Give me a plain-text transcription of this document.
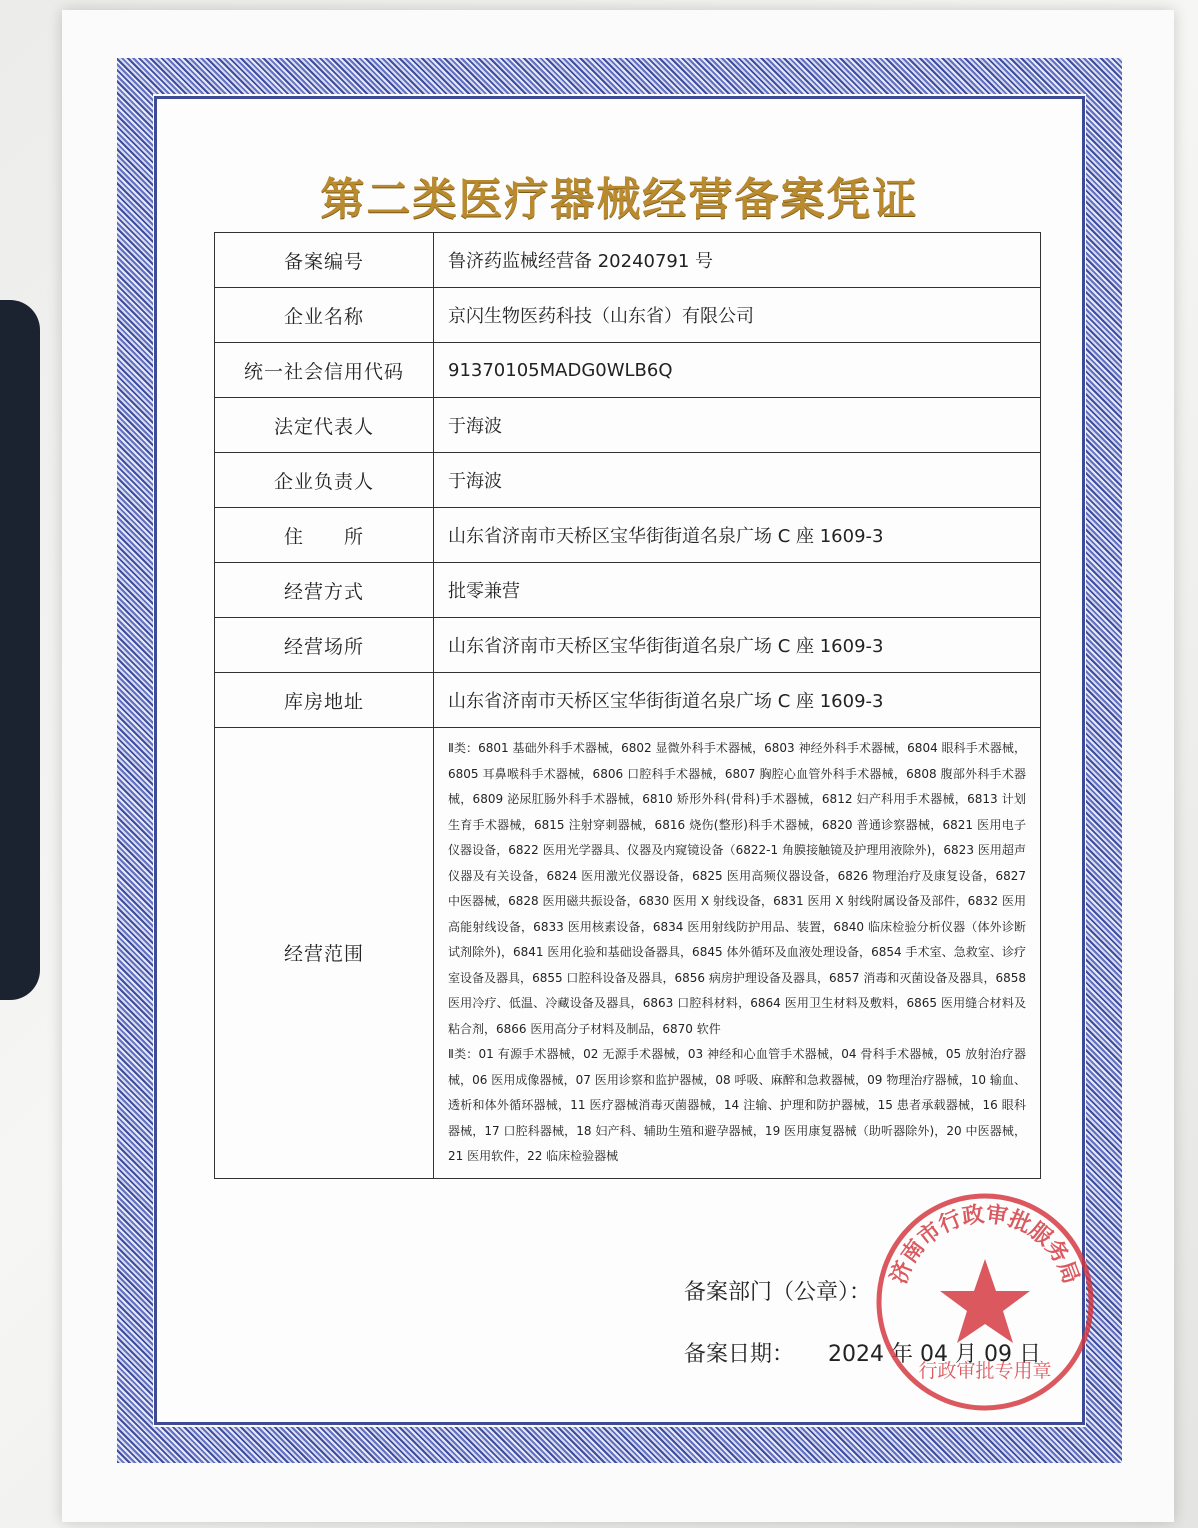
第二类医疗器械经营备案凭证
备案编号	鲁济药监械经营备 20240791 号
企业名称	京闪生物医药科技（山东省）有限公司
统一社会信用代码	91370105MADG0WLB6Q
法定代表人	于海波
企业负责人	于海波
住　　所	山东省济南市天桥区宝华街街道名泉广场 C 座 1609-3
经营方式	批零兼营
经营场所	山东省济南市天桥区宝华街街道名泉广场 C 座 1609-3
库房地址	山东省济南市天桥区宝华街街道名泉广场 C 座 1609-3
经营范围	Ⅱ类：6801 基础外科手术器械，6802 显微外科手术器械，6803 神经外科手术器械，6804 眼科手术器械，6805 耳鼻喉科手术器械，6806 口腔科手术器械，6807 胸腔心血管外科手术器械，6808 腹部外科手术器械，6809 泌尿肛肠外科手术器械，6810 矫形外科(骨科)手术器械，6812 妇产科用手术器械，6813 计划生育手术器械，6815 注射穿刺器械，6816 烧伤(整形)科手术器械，6820 普通诊察器械，6821 医用电子仪器设备，6822 医用光学器具、仪器及内窥镜设备（6822-1 角膜接触镜及护理用液除外)，6823 医用超声仪器及有关设备，6824 医用激光仪器设备，6825 医用高频仪器设备，6826 物理治疗及康复设备，6827 中医器械，6828 医用磁共振设备，6830 医用 X 射线设备，6831 医用 X 射线附属设备及部件，6832 医用高能射线设备，6833 医用核素设备，6834 医用射线防护用品、装置，6840 临床检验分析仪器（体外诊断试剂除外)，6841 医用化验和基础设备器具，6845 体外循环及血液处理设备，6854 手术室、急救室、诊疗室设备及器具，6855 口腔科设备及器具，6856 病房护理设备及器具，6857 消毒和灭菌设备及器具，6858 医用冷疗、低温、冷藏设备及器具，6863 口腔科材料，6864 医用卫生材料及敷料，6865 医用缝合材料及粘合剂，6866 医用高分子材料及制品，6870 软件

Ⅱ类：01 有源手术器械，02 无源手术器械，03 神经和心血管手术器械，04 骨科手术器械，05 放射治疗器械，06 医用成像器械，07 医用诊察和监护器械，08 呼吸、麻醉和急救器械，09 物理治疗器械，10 输血、透析和体外循环器械，11 医疗器械消毒灭菌器械，14 注输、护理和防护器械，15 患者承载器械，16 眼科器械，17 口腔科器械，18 妇产科、辅助生殖和避孕器械，19 医用康复器械（助听器除外)，20 中医器械，21 医用软件，22 临床检验器械

备案部门（公章）：
备案日期： 2024 年 04 月 09 日
济南市行政审批服务局
行政审批专用章
